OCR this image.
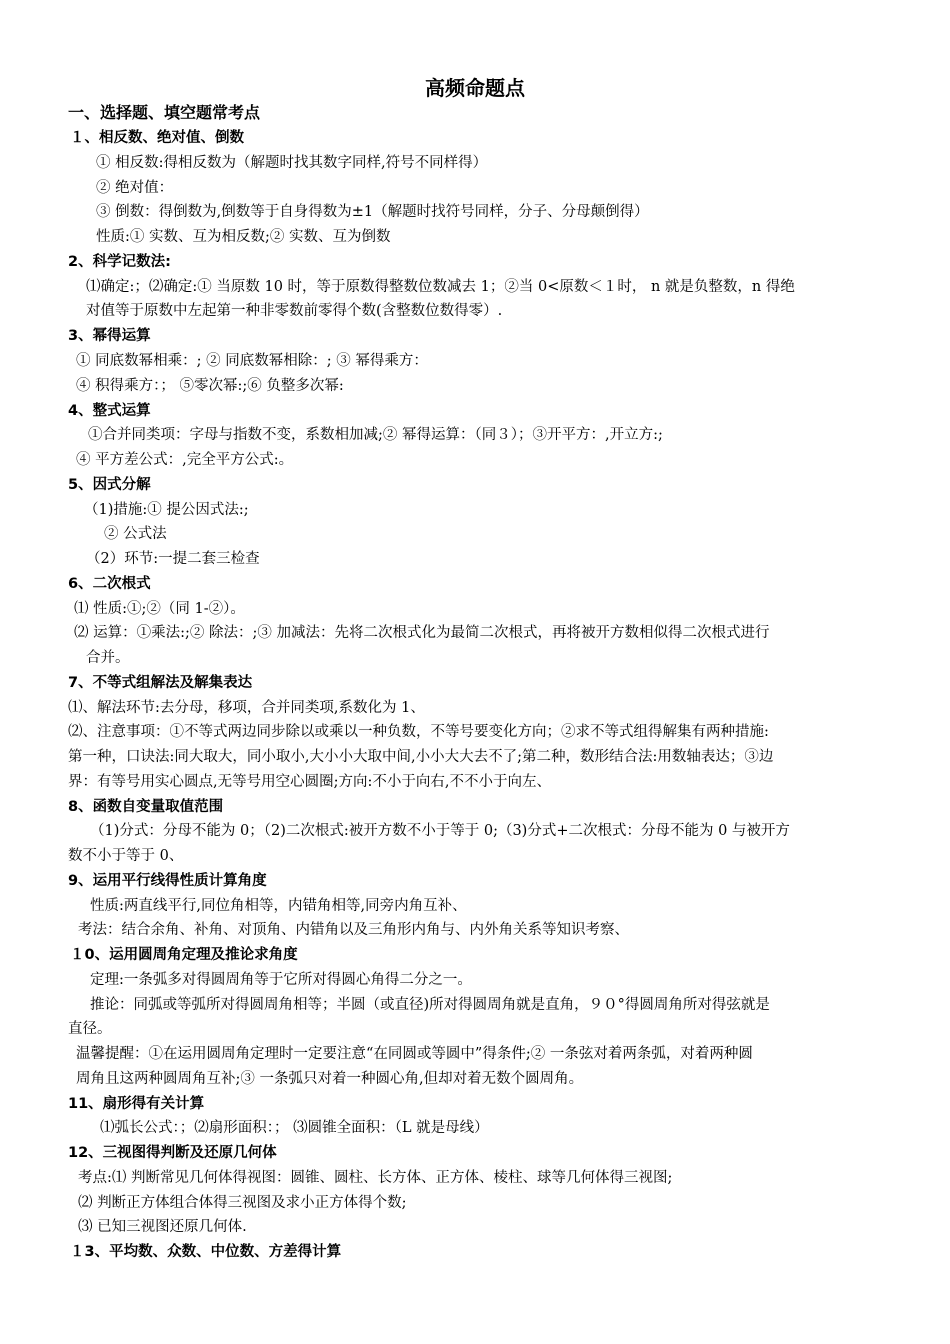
高频命题点
一、选择题、填空题常考点
１、相反数、绝对值、倒数
① 相反数:得相反数为（解题时找其数字同样,符号不同样得）
② 绝对值：
③ 倒数：得倒数为,倒数等于自身得数为±1（解题时找符号同样，分子、分母颠倒得）
性质:① 实数、互为相反数;② 实数、互为倒数
2、科学记数法:
⑴确定:；⑵确定:① 当原数 10 时，等于原数得整数位数减去 1；②当 0<原数＜１时， n 就是负整数，n 得绝
对值等于原数中左起第一种非零数前零得个数(含整数位数得零）.
3、幂得运算
① 同底数幂相乘：; ② 同底数幂相除：; ③ 幂得乘方：
④ 积得乘方：； ⑤零次幂:;⑥ 负整多次幂:
4、整式运算
①合并同类项：字母与指数不变，系数相加减;② 幂得运算：（同３）；③开平方：,开立方:;
④ 平方差公式：,完全平方公式:。
5、因式分解
（1)措施:① 提公因式法:;
② 公式法
（2）环节:一提二套三检查
6、二次根式
⑴ 性质:①;②（同 1-②）。
⑵ 运算：①乘法:;② 除法：;③ 加减法：先将二次根式化为最简二次根式，再将被开方数相似得二次根式进行
合并。
7、不等式组解法及解集表达
⑴、解法环节:去分母，移项，合并同类项,系数化为 1、
⑵、注意事项：①不等式两边同步除以或乘以一种负数，不等号要变化方向；②求不等式组得解集有两种措施:
第一种，口诀法:同大取大，同小取小,大小小大取中间,小小大大去不了;第二种，数形结合法:用数轴表达；③边
界：有等号用实心圆点,无等号用空心圆圈;方向:不小于向右,不不小于向左、
8、函数自变量取值范围
（1)分式：分母不能为 0；（2)二次根式:被开方数不小于等于 0;（3)分式+二次根式：分母不能为 0 与被开方
数不小于等于 0、
9、运用平行线得性质计算角度
性质:两直线平行,同位角相等，内错角相等,同旁内角互补、
考法：结合余角、补角、对顶角、内错角以及三角形内角与、内外角关系等知识考察、
１0、运用圆周角定理及推论求角度
定理:一条弧多对得圆周角等于它所对得圆心角得二分之一。
推论：同弧或等弧所对得圆周角相等；半圆（或直径)所对得圆周角就是直角，９０°得圆周角所对得弦就是
直径。
温馨提醒：①在运用圆周角定理时一定要注意“在同圆或等圆中”得条件;② 一条弦对着两条弧，对着两种圆
周角且这两种圆周角互补;③ 一条弧只对着一种圆心角,但却对着无数个圆周角。
11、扇形得有关计算
⑴弧长公式：；⑵扇形面积：； ⑶圆锥全面积：（L 就是母线）
12、三视图得判断及还原几何体
考点:⑴ 判断常见几何体得视图：圆锥、圆柱、长方体、正方体、棱柱、球等几何体得三视图;
⑵ 判断正方体组合体得三视图及求小正方体得个数;
⑶ 已知三视图还原几何体.
１3、平均数、众数、中位数、方差得计算
